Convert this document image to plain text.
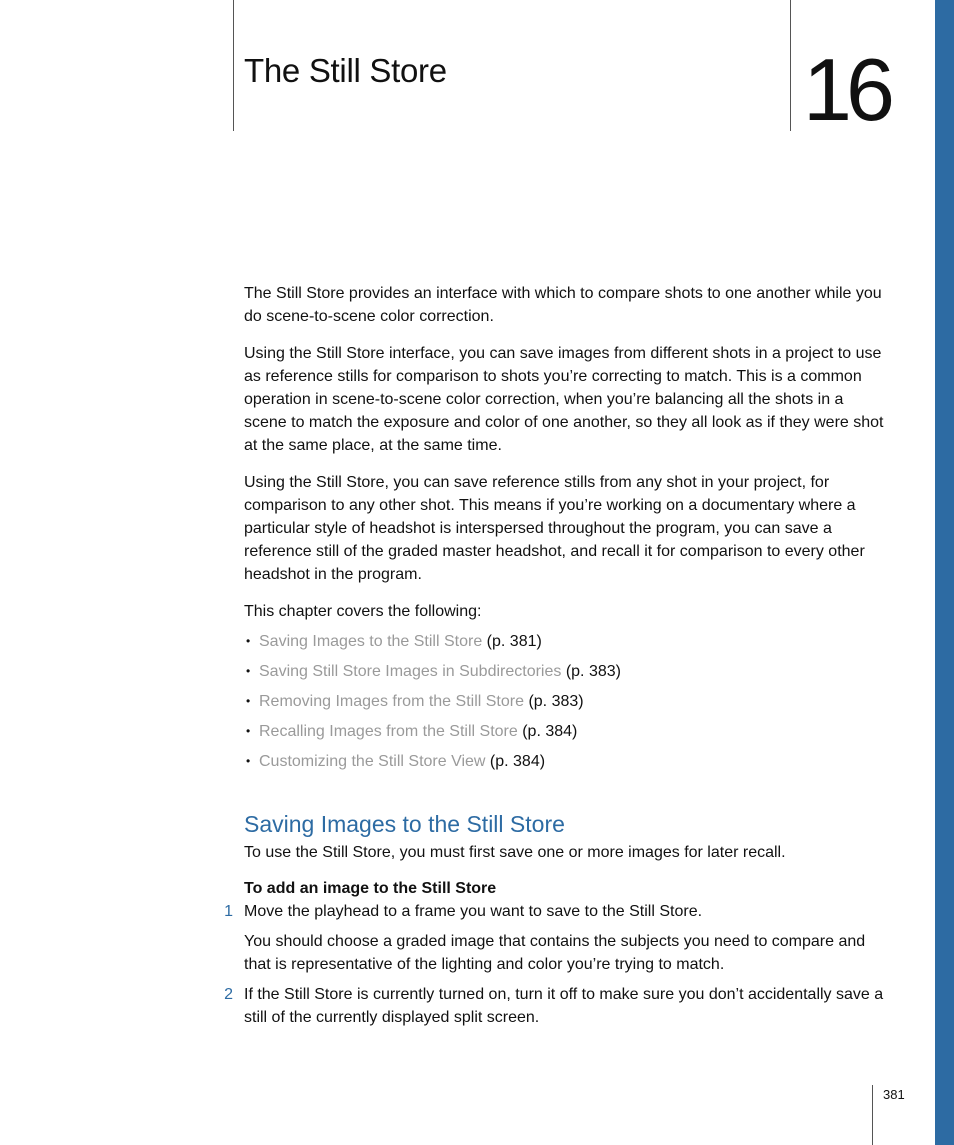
The Still Store	16

The Still Store provides an interface with which to compare shots to one another while you do scene-to-scene color correction.

Using the Still Store interface, you can save images from different shots in a project to use as reference stills for comparison to shots you’re correcting to match. This is a common operation in scene-to-scene color correction, when you’re balancing all the shots in a scene to match the exposure and color of one another, so they all look as if they were shot at the same place, at the same time.

Using the Still Store, you can save reference stills from any shot in your project, for comparison to any other shot. This means if you’re working on a documentary where a particular style of headshot is interspersed throughout the program, you can save a reference still of the graded master headshot, and recall it for comparison to every other headshot in the program.

This chapter covers the following:

• Saving Images to the Still Store (p. 381)
• Saving Still Store Images in Subdirectories (p. 383)
• Removing Images from the Still Store (p. 383)
• Recalling Images from the Still Store (p. 384)
• Customizing the Still Store View (p. 384)
Saving Images to the Still Store

To use the Still Store, you must first save one or more images for later recall.

To add an image to the Still Store

1 Move the playhead to a frame you want to save to the Still Store.
You should choose a graded image that contains the subjects you need to compare and that is representative of the lighting and color you’re trying to match.
2 If the Still Store is currently turned on, turn it off to make sure you don’t accidentally save a still of the currently displayed split screen.
381
